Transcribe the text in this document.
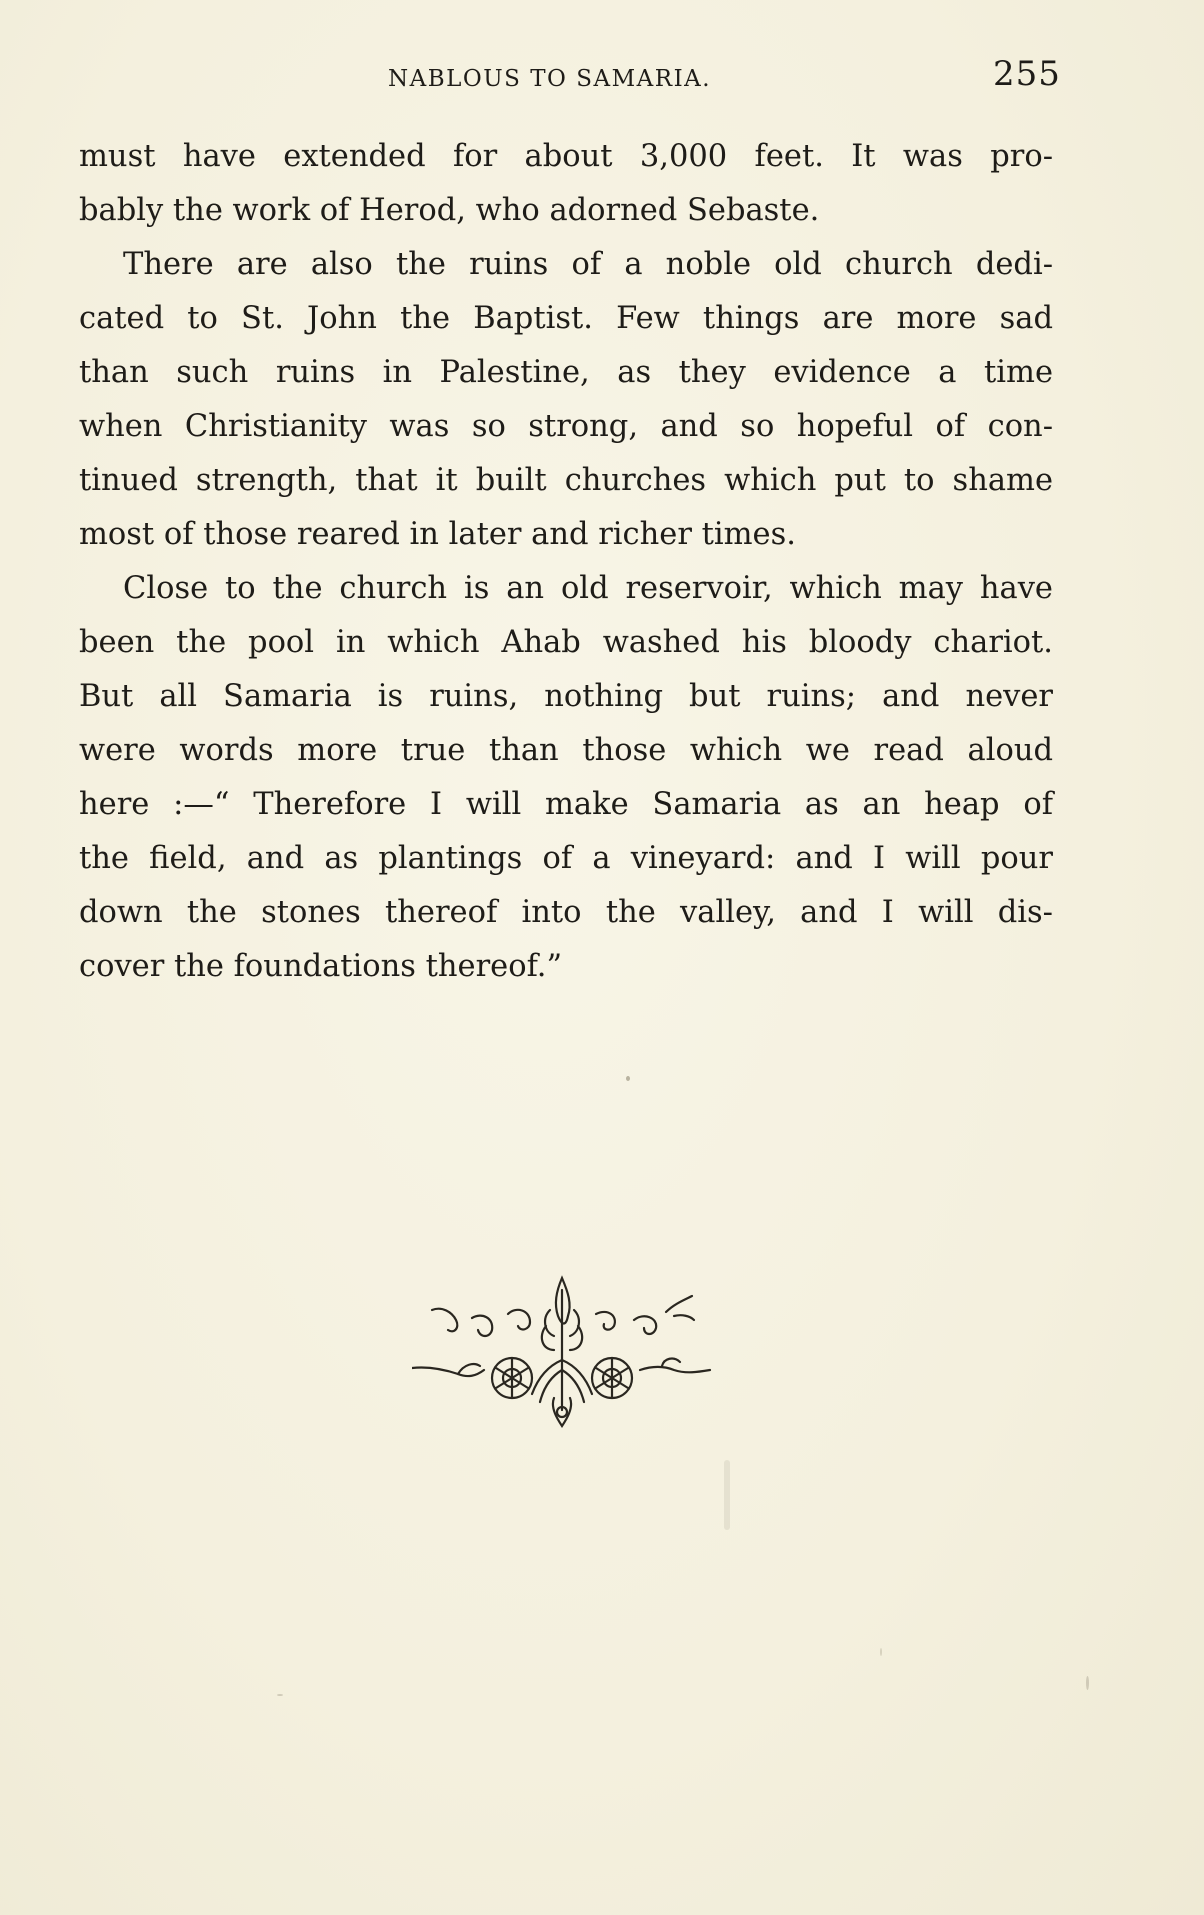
NABLOUS TO SAMARIA.	255
must have extended for about 3,000 feet. It was pro-
bably the work of Herod, who adorned Sebaste.
There are also the ruins of a noble old church dedi-
cated to St. John the Baptist. Few things are more sad
than such ruins in Palestine, as they evidence a time
when Christianity was so strong, and so hopeful of con-
tinued strength, that it built churches which put to shame
most of those reared in later and richer times.
Close to the church is an old reservoir, which may have
been the pool in which Ahab washed his bloody chariot.
But all Samaria is ruins, nothing but ruins; and never
were words more true than those which we read aloud
here :—“ Therefore I will make Samaria as an heap of
the field, and as plantings of a vineyard: and I will pour
down the stones thereof into the valley, and I will dis-
cover the foundations thereof.”
